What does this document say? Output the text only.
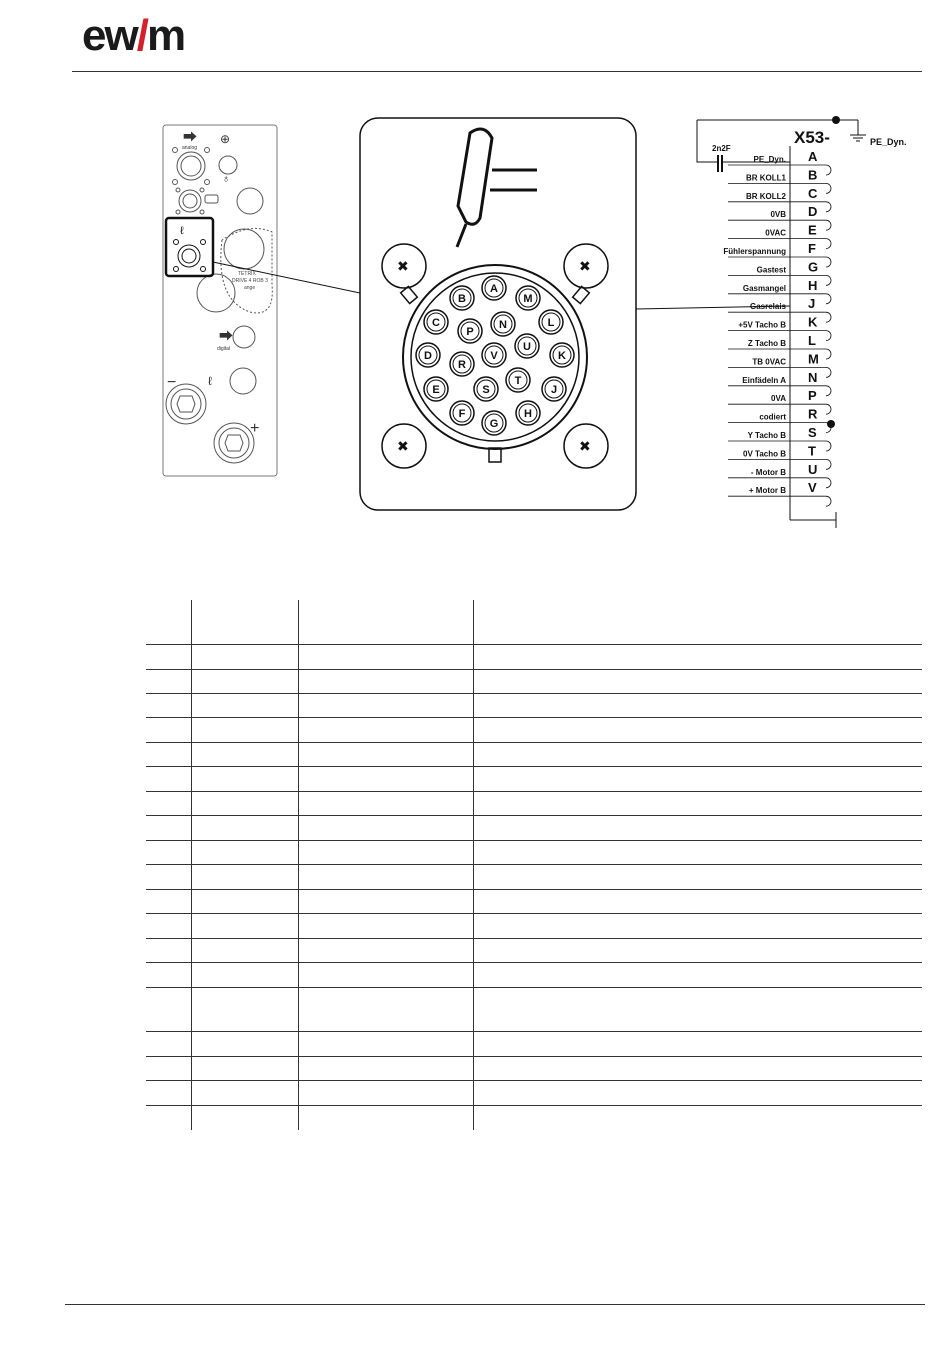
ew/m
⮕
analog
⊕
♁
TETRIX
DRIVE 4 ROB 3
ange
⮕
digital
−	ℓ
+
ℓ
✖	✖
✖	✖
A
B	M
C
P
N	L
D
R
V
U
K
E	S
T
J
F
G
H
PE_Dyn.
X53-
2n2F
PE_Dyn. A
BR KOLL1 B
BR KOLL2 C
0VB D
0VAC E
Fühlerspannung F
Gastest G
Gasmangel H
Gasrelais J
+5V Tacho B K
Z Tacho B L
TB 0VAC M
Einfädeln A N
0VA P
codiert R
Y Tacho B S
0V Tacho B T
- Motor B U
+ Motor B V
